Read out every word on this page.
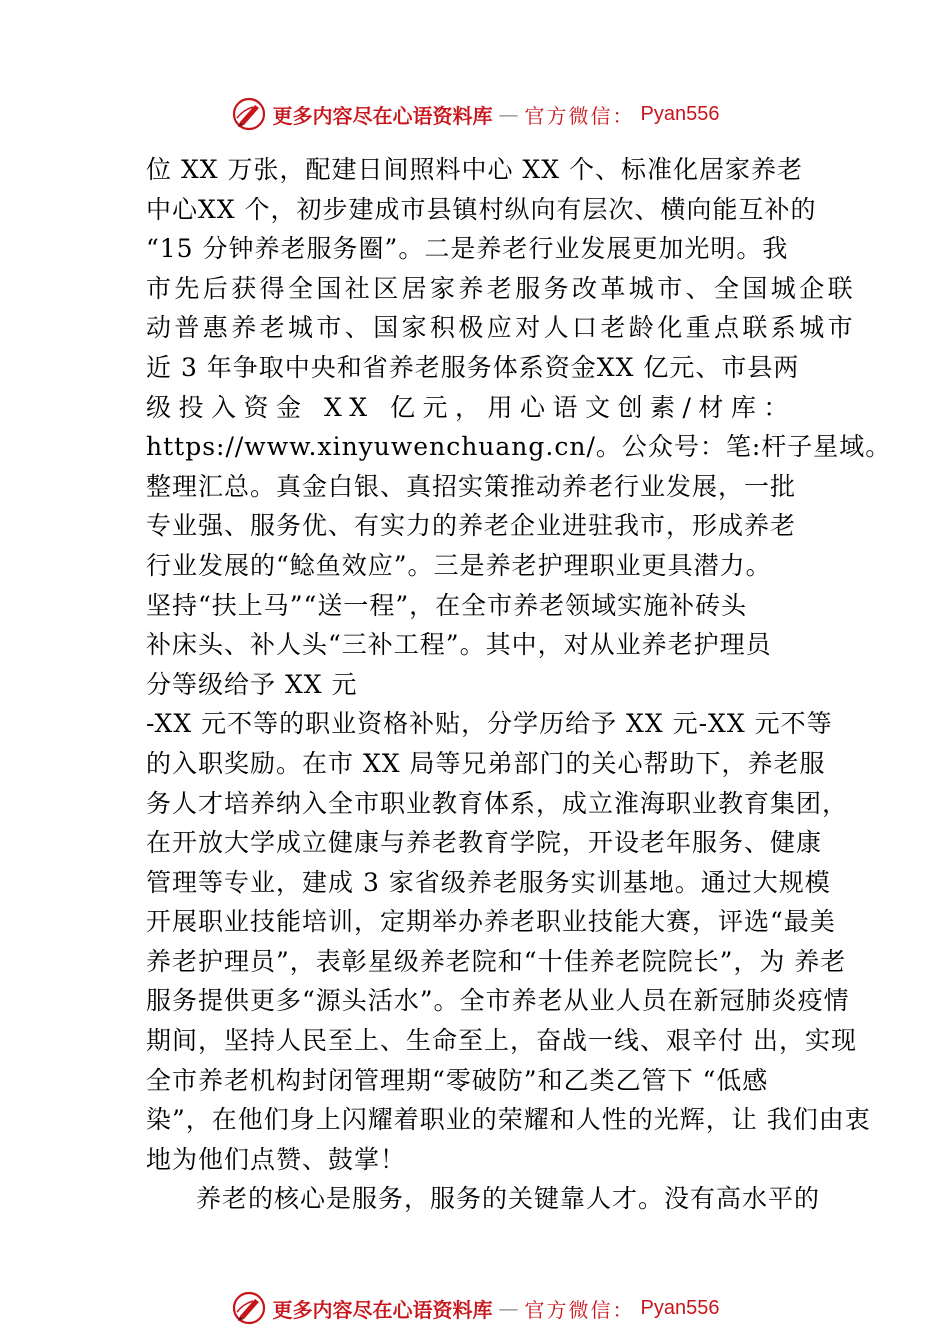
更多内容尽在心语资料库 — 官方微信： Pyan556
位 XX 万张，配建日间照料中心 XX 个、标准化居家养老
中心XX 个，初步建成市县镇村纵向有层次、横向能互补的
“15 分钟养老服务圈”。二是养老行业发展更加光明。我
市先后获得全国社区居家养老服务改革城市、全国城企联
动普惠养老城市、国家积极应对人口老龄化重点联系城市
近 3 年争取中央和省养老服务体系资金XX 亿元、市县两
级投入资金 XX 亿元，用心语文创素/材库：
https://www.xinyuwenchuang.cn/。公众号：笔:杆子星域。
整理汇总。真金白银、真招实策推动养老行业发展，一批
专业强、服务优、有实力的养老企业进驻我市，形成养老
行业发展的“鲶鱼效应”。三是养老护理职业更具潜力。
坚持“扶上马”“送一程”，在全市养老领域实施补砖头
补床头、补人头“三补工程”。其中，对从业养老护理员
分等级给予 XX 元
-XX 元不等的职业资格补贴，分学历给予 XX 元-XX 元不等
的入职奖励。在市 XX 局等兄弟部门的关心帮助下，养老服
务人才培养纳入全市职业教育体系，成立淮海职业教育集团，
在开放大学成立健康与养老教育学院，开设老年服务、健康
管理等专业，建成 3 家省级养老服务实训基地。通过大规模
开展职业技能培训，定期举办养老职业技能大赛，评选“最美
养老护理员”，表彰星级养老院和“十佳养老院院长”，为 养老
服务提供更多“源头活水”。全市养老从业人员在新冠肺炎疫情
期间，坚持人民至上、生命至上，奋战一线、艰辛付 出，实现
全市养老机构封闭管理期“零破防”和乙类乙管下 “低感
染”，在他们身上闪耀着职业的荣耀和人性的光辉，让 我们由衷
地为他们点赞、鼓掌！
养老的核心是服务，服务的关键靠人才。没有高水平的
更多内容尽在心语资料库 — 官方微信： Pyan556
